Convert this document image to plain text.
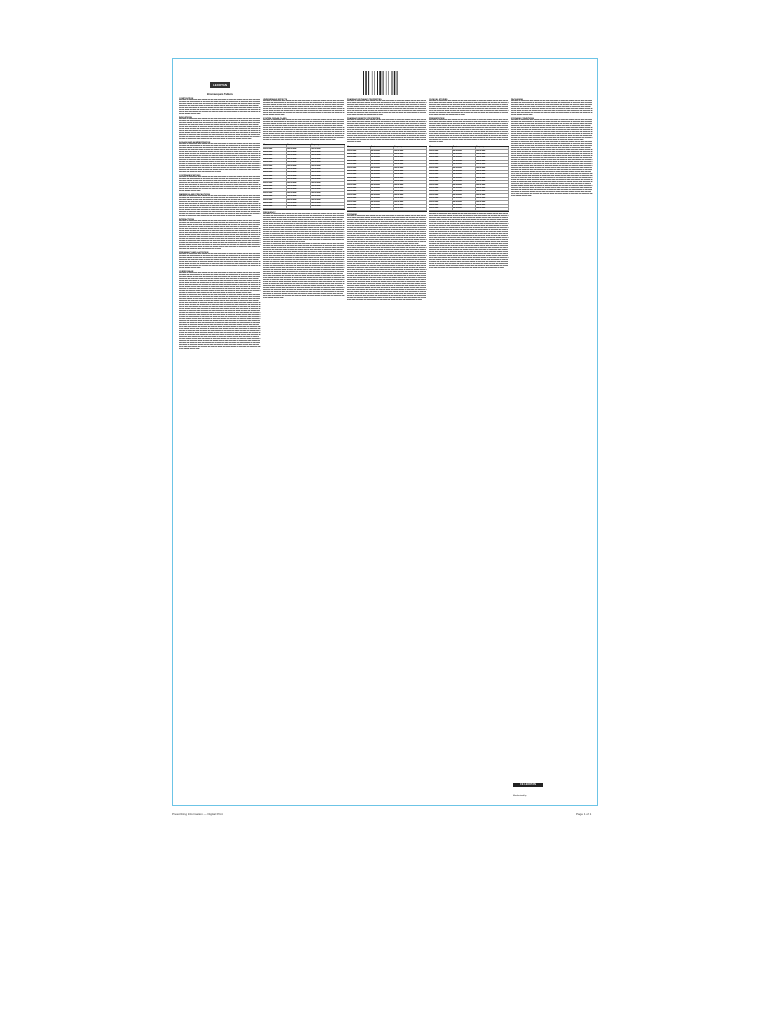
LEXOTAN
Bromazepam Tablets
COMPOSITION

■■■ ■■■■ ■■ ■■■■■ ■■■ ■■■■ ■■■■■■ ■■ ■■■ ■■■■ ■■■ ■■■■■ ■■ ■■■■ ■■■ ■■■■■■ ■■■ ■■ ■■■■ ■■■ ■■■■ ■■ ■■■■■ ■■■ ■■■■ ■■■■■■ ■■ ■■■ ■■■■ ■■■ ■■■■■ ■■ ■■■■ ■■■ ■■■■■■ ■■■ ■■ ■■■■ ■■■ ■■■■ ■■ ■■■■■ ■■■ ■■■■ ■■■■■■ ■■ ■■■ ■■■■ ■■■ ■■■■■ ■■ ■■■■ ■■■ ■■■■■■ ■■■ ■■ ■■■■ ■■■ ■■■■ ■■ ■■■■■ ■■■ ■■■■ ■■■■■■ ■■ ■■■ ■■■■ ■■■ ■■■■■ ■■ ■■■■ ■■■ ■■■■■■ ■■■ ■■ ■■■■ ■■■ ■■■■ ■■ ■■■■■ ■■■ ■■■■ ■■■■■■ ■■ ■■■ ■■■■ ■■■ ■■■■■ ■■ ■■■■ ■■■ ■■■■■■ ■■■ ■■ ■■■■ ■■■ ■■■■ ■■ ■■■■■ ■■■ ■■■■ ■■■■■■ ■■ ■■■ ■■■■ ■■■ ■■■■■ ■■ ■■■■ ■■■ ■■■■■■ ■■■ ■■ ■■■■ ■■■ ■■■■ ■■ ■■■■■ ■■■ ■■■■ ■■■■■■ ■■ ■■■ ■■■■ ■■■ ■■■■■ ■■ ■■■■ ■■■ ■■■■■■ ■■■ ■■ ■■■■ ■■■ ■■■■ ■■ ■■■■■ ■■■ ■■■■ ■■■■■■ ■■ ■■■ ■■■■ ■■■ ■■■■■ ■■ ■■■■ ■■■ ■■■■■■ ■■■ ■■ ■■■■

INDICATIONS

■■■ ■■■■ ■■ ■■■■■ ■■■ ■■■■ ■■■■■■ ■■ ■■■ ■■■■ ■■■ ■■■■■ ■■ ■■■■ ■■■ ■■■■■■ ■■■ ■■ ■■■■ ■■■ ■■■■ ■■ ■■■■■ ■■■ ■■■■ ■■■■■■ ■■ ■■■ ■■■■ ■■■ ■■■■■ ■■ ■■■■ ■■■ ■■■■■■ ■■■ ■■ ■■■■ ■■■ ■■■■ ■■ ■■■■■ ■■■ ■■■■ ■■■■■■ ■■ ■■■ ■■■■ ■■■ ■■■■■ ■■ ■■■■ ■■■ ■■■■■■ ■■■ ■■ ■■■■ ■■■ ■■■■ ■■ ■■■■■ ■■■ ■■■■ ■■■■■■ ■■ ■■■ ■■■■ ■■■ ■■■■■ ■■ ■■■■ ■■■ ■■■■■■ ■■■ ■■ ■■■■ ■■■ ■■■■ ■■ ■■■■■ ■■■ ■■■■ ■■■■■■ ■■ ■■■ ■■■■ ■■■ ■■■■■ ■■ ■■■■ ■■■ ■■■■■■ ■■■ ■■ ■■■■ ■■■ ■■■■ ■■ ■■■■■ ■■■ ■■■■ ■■■■■■ ■■ ■■■ ■■■■ ■■■ ■■■■■ ■■ ■■■■ ■■■ ■■■■■■ ■■■ ■■ ■■■■ ■■■ ■■■■ ■■ ■■■■■ ■■■ ■■■■ ■■■■■■ ■■ ■■■ ■■■■ ■■■ ■■■■■ ■■ ■■■■ ■■■ ■■■■■■ ■■■ ■■ ■■■■ ■■■ ■■■■ ■■ ■■■■■ ■■■ ■■■■ ■■■■■■ ■■ ■■■ ■■■■ ■■■ ■■■■■ ■■ ■■■■ ■■■ ■■■■■■ ■■■ ■■ ■■■■ ■■■ ■■■■ ■■ ■■■■■ ■■■ ■■■■ ■■■■■■ ■■ ■■■ ■■■■ ■■■ ■■■■■ ■■ ■■■■ ■■■ ■■■■■■ ■■■ ■■ ■■■■ ■■■ ■■■■ ■■ ■■■■■ ■■■ ■■■■ ■■■■■■ ■■ ■■■ ■■■■ ■■■ ■■■■■ ■■ ■■■■ ■■■ ■■■■■■ ■■■ ■■ ■■■■ ■■■ ■■■■ ■■ ■■■■■ ■■■ ■■■■ ■■■■■■ ■■ ■■■ ■■■■ ■■■ ■■■■■ ■■ ■■■■ ■■■ ■■■■■■ ■■■ ■■ ■■■■ ■■■ ■■■■ ■■ ■■■■■ ■■■ ■■■■ ■■■■■■ ■■ ■■■ ■■■■ ■■■ ■■■■■ ■■ ■■■■ ■■■ ■■■■■■ ■■■ ■■ ■■■■

DOSAGE AND ADMINISTRATION

■■■ ■■■■ ■■ ■■■■■ ■■■ ■■■■ ■■■■■■ ■■ ■■■ ■■■■ ■■■ ■■■■■ ■■ ■■■■ ■■■ ■■■■■■ ■■■ ■■ ■■■■ ■■■ ■■■■ ■■ ■■■■■ ■■■ ■■■■ ■■■■■■ ■■ ■■■ ■■■■ ■■■ ■■■■■ ■■ ■■■■ ■■■ ■■■■■■ ■■■ ■■ ■■■■ ■■■ ■■■■ ■■ ■■■■■ ■■■ ■■■■ ■■■■■■ ■■ ■■■ ■■■■ ■■■ ■■■■■ ■■ ■■■■ ■■■ ■■■■■■ ■■■ ■■ ■■■■ ■■■ ■■■■ ■■ ■■■■■ ■■■ ■■■■ ■■■■■■ ■■ ■■■ ■■■■ ■■■ ■■■■■ ■■ ■■■■ ■■■ ■■■■■■ ■■■ ■■ ■■■■ ■■■ ■■■■ ■■ ■■■■■ ■■■ ■■■■ ■■■■■■ ■■ ■■■ ■■■■ ■■■ ■■■■■ ■■ ■■■■ ■■■ ■■■■■■ ■■■ ■■ ■■■■ ■■■ ■■■■ ■■ ■■■■■ ■■■ ■■■■ ■■■■■■ ■■ ■■■ ■■■■ ■■■ ■■■■■ ■■ ■■■■ ■■■ ■■■■■■ ■■■ ■■ ■■■■ ■■■ ■■■■ ■■ ■■■■■ ■■■ ■■■■ ■■■■■■ ■■ ■■■ ■■■■ ■■■ ■■■■■ ■■ ■■■■ ■■■ ■■■■■■ ■■■ ■■ ■■■■ ■■■ ■■■■ ■■ ■■■■■ ■■■ ■■■■ ■■■■■■ ■■ ■■■ ■■■■ ■■■ ■■■■■ ■■ ■■■■ ■■■ ■■■■■■ ■■■ ■■ ■■■■ ■■■ ■■■■ ■■ ■■■■■ ■■■ ■■■■ ■■■■■■ ■■ ■■■ ■■■■ ■■■ ■■■■■ ■■ ■■■■ ■■■ ■■■■■■ ■■■ ■■ ■■■■ ■■■ ■■■■ ■■ ■■■■■ ■■■ ■■■■ ■■■■■■ ■■ ■■■ ■■■■ ■■■ ■■■■■ ■■ ■■■■ ■■■ ■■■■■■ ■■■ ■■ ■■■■ ■■■ ■■■■ ■■ ■■■■■ ■■■ ■■■■ ■■■■■■ ■■ ■■■ ■■■■ ■■■ ■■■■■ ■■ ■■■■ ■■■ ■■■■■■ ■■■ ■■ ■■■■ ■■■ ■■■■ ■■ ■■■■■ ■■■ ■■■■ ■■■■■■ ■■ ■■■ ■■■■ ■■■ ■■■■■ ■■ ■■■■ ■■■ ■■■■■■ ■■■ ■■ ■■■■ ■■■ ■■■■ ■■ ■■■■■ ■■■ ■■■■ ■■■■■■ ■■ ■■■ ■■■■ ■■■ ■■■■■ ■■ ■■■■ ■■■ ■■■■■■ ■■■ ■■ ■■■■ ■■■ ■■■■ ■■ ■■■■■ ■■■ ■■■■ ■■■■■■ ■■ ■■■ ■■■■ ■■■ ■■■■■ ■■ ■■■■ ■■■ ■■■■■■ ■■■ ■■ ■■■■ ■■■ ■■■■ ■■ ■■■■■ ■■■ ■■■■ ■■■■■■ ■■ ■■■ ■■■■ ■■■ ■■■■■ ■■ ■■■■ ■■■ ■■■■■■ ■■■ ■■ ■■■■ ■■■ ■■■■ ■■ ■■■■■ ■■■ ■■■■ ■■■■■■ ■■ ■■■ ■■■■ ■■■ ■■■■■ ■■ ■■■■ ■■■ ■■■■■■ ■■■ ■■ ■■■■

CONTRAINDICATIONS

■■■ ■■■■ ■■ ■■■■■ ■■■ ■■■■ ■■■■■■ ■■ ■■■ ■■■■ ■■■ ■■■■■ ■■ ■■■■ ■■■ ■■■■■■ ■■■ ■■ ■■■■ ■■■ ■■■■ ■■ ■■■■■ ■■■ ■■■■ ■■■■■■ ■■ ■■■ ■■■■ ■■■ ■■■■■ ■■ ■■■■ ■■■ ■■■■■■ ■■■ ■■ ■■■■ ■■■ ■■■■ ■■ ■■■■■ ■■■ ■■■■ ■■■■■■ ■■ ■■■ ■■■■ ■■■ ■■■■■ ■■ ■■■■ ■■■ ■■■■■■ ■■■ ■■ ■■■■ ■■■ ■■■■ ■■ ■■■■■ ■■■ ■■■■ ■■■■■■ ■■ ■■■ ■■■■ ■■■ ■■■■■ ■■ ■■■■ ■■■ ■■■■■■ ■■■ ■■ ■■■■ ■■■ ■■■■ ■■ ■■■■■ ■■■ ■■■■ ■■■■■■ ■■ ■■■ ■■■■ ■■■ ■■■■■ ■■ ■■■■ ■■■ ■■■■■■ ■■■ ■■ ■■■■ ■■■ ■■■■ ■■ ■■■■■ ■■■ ■■■■ ■■■■■■ ■■ ■■■ ■■■■ ■■■ ■■■■■ ■■ ■■■■ ■■■ ■■■■■■ ■■■ ■■ ■■■■ ■■■ ■■■■ ■■ ■■■■■ ■■■ ■■■■ ■■■■■■ ■■ ■■■ ■■■■ ■■■ ■■■■■ ■■ ■■■■ ■■■ ■■■■■■ ■■■ ■■ ■■■■ ■■■ ■■■■ ■■ ■■■■■ ■■■ ■■■■ ■■■■■■ ■■ ■■■ ■■■■ ■■■ ■■■■■ ■■ ■■■■ ■■■ ■■■■■■ ■■■ ■■ ■■■■

WARNINGS AND PRECAUTIONS

■■■ ■■■■ ■■ ■■■■■ ■■■ ■■■■ ■■■■■■ ■■ ■■■ ■■■■ ■■■ ■■■■■ ■■ ■■■■ ■■■ ■■■■■■ ■■■ ■■ ■■■■ ■■■ ■■■■ ■■ ■■■■■ ■■■ ■■■■ ■■■■■■ ■■ ■■■ ■■■■ ■■■ ■■■■■ ■■ ■■■■ ■■■ ■■■■■■ ■■■ ■■ ■■■■ ■■■ ■■■■ ■■ ■■■■■ ■■■ ■■■■ ■■■■■■ ■■ ■■■ ■■■■ ■■■ ■■■■■ ■■ ■■■■ ■■■ ■■■■■■ ■■■ ■■ ■■■■ ■■■ ■■■■ ■■ ■■■■■ ■■■ ■■■■ ■■■■■■ ■■ ■■■ ■■■■ ■■■ ■■■■■ ■■ ■■■■ ■■■ ■■■■■■ ■■■ ■■ ■■■■ ■■■ ■■■■ ■■ ■■■■■ ■■■ ■■■■ ■■■■■■ ■■ ■■■ ■■■■ ■■■ ■■■■■ ■■ ■■■■ ■■■ ■■■■■■ ■■■ ■■ ■■■■ ■■■ ■■■■ ■■ ■■■■■ ■■■ ■■■■ ■■■■■■ ■■ ■■■ ■■■■ ■■■ ■■■■■ ■■ ■■■■ ■■■ ■■■■■■ ■■■ ■■ ■■■■ ■■■ ■■■■ ■■ ■■■■■ ■■■ ■■■■ ■■■■■■ ■■ ■■■ ■■■■ ■■■ ■■■■■ ■■ ■■■■ ■■■ ■■■■■■ ■■■ ■■ ■■■■ ■■■ ■■■■ ■■ ■■■■■ ■■■ ■■■■ ■■■■■■ ■■ ■■■ ■■■■ ■■■ ■■■■■ ■■ ■■■■ ■■■ ■■■■■■ ■■■ ■■ ■■■■ ■■■ ■■■■ ■■ ■■■■■ ■■■ ■■■■ ■■■■■■ ■■ ■■■ ■■■■ ■■■ ■■■■■ ■■ ■■■■ ■■■ ■■■■■■ ■■■ ■■ ■■■■ ■■■ ■■■■ ■■ ■■■■■ ■■■ ■■■■ ■■■■■■ ■■ ■■■ ■■■■ ■■■ ■■■■■ ■■ ■■■■ ■■■ ■■■■■■ ■■■ ■■ ■■■■ ■■■ ■■■■ ■■ ■■■■■ ■■■ ■■■■ ■■■■■■ ■■ ■■■ ■■■■ ■■■ ■■■■■ ■■ ■■■■ ■■■ ■■■■■■ ■■■ ■■ ■■■■ ■■■ ■■■■ ■■ ■■■■■ ■■■ ■■■■ ■■■■■■ ■■ ■■■ ■■■■ ■■■ ■■■■■ ■■ ■■■■ ■■■ ■■■■■■ ■■■ ■■ ■■■■

INTERACTIONS

■■■ ■■■■ ■■ ■■■■■ ■■■ ■■■■ ■■■■■■ ■■ ■■■ ■■■■ ■■■ ■■■■■ ■■ ■■■■ ■■■ ■■■■■■ ■■■ ■■ ■■■■ ■■■ ■■■■ ■■ ■■■■■ ■■■ ■■■■ ■■■■■■ ■■ ■■■ ■■■■ ■■■ ■■■■■ ■■ ■■■■ ■■■ ■■■■■■ ■■■ ■■ ■■■■ ■■■ ■■■■ ■■ ■■■■■ ■■■ ■■■■ ■■■■■■ ■■ ■■■ ■■■■ ■■■ ■■■■■ ■■ ■■■■ ■■■ ■■■■■■ ■■■ ■■ ■■■■ ■■■ ■■■■ ■■ ■■■■■ ■■■ ■■■■ ■■■■■■ ■■ ■■■ ■■■■ ■■■ ■■■■■ ■■ ■■■■ ■■■ ■■■■■■ ■■■ ■■ ■■■■ ■■■ ■■■■ ■■ ■■■■■ ■■■ ■■■■ ■■■■■■ ■■ ■■■ ■■■■ ■■■ ■■■■■ ■■ ■■■■ ■■■ ■■■■■■ ■■■ ■■ ■■■■ ■■■ ■■■■ ■■ ■■■■■ ■■■ ■■■■ ■■■■■■ ■■ ■■■ ■■■■ ■■■ ■■■■■ ■■ ■■■■ ■■■ ■■■■■■ ■■■ ■■ ■■■■ ■■■ ■■■■ ■■ ■■■■■ ■■■ ■■■■ ■■■■■■ ■■ ■■■ ■■■■ ■■■ ■■■■■ ■■ ■■■■ ■■■ ■■■■■■ ■■■ ■■ ■■■■ ■■■ ■■■■ ■■ ■■■■■ ■■■ ■■■■ ■■■■■■ ■■ ■■■ ■■■■ ■■■ ■■■■■ ■■ ■■■■ ■■■ ■■■■■■ ■■■ ■■ ■■■■ ■■■ ■■■■ ■■ ■■■■■ ■■■ ■■■■ ■■■■■■ ■■ ■■■ ■■■■ ■■■ ■■■■■ ■■ ■■■■ ■■■ ■■■■■■ ■■■ ■■ ■■■■ ■■■ ■■■■ ■■ ■■■■■ ■■■ ■■■■ ■■■■■■ ■■ ■■■ ■■■■ ■■■ ■■■■■ ■■ ■■■■ ■■■ ■■■■■■ ■■■ ■■ ■■■■ ■■■ ■■■■ ■■ ■■■■■ ■■■ ■■■■ ■■■■■■ ■■ ■■■ ■■■■ ■■■ ■■■■■ ■■ ■■■■ ■■■ ■■■■■■ ■■■ ■■ ■■■■ ■■■ ■■■■ ■■ ■■■■■ ■■■ ■■■■ ■■■■■■ ■■ ■■■ ■■■■ ■■■ ■■■■■ ■■ ■■■■ ■■■ ■■■■■■ ■■■ ■■ ■■■■ ■■■ ■■■■ ■■ ■■■■■ ■■■ ■■■■ ■■■■■■ ■■ ■■■ ■■■■ ■■■ ■■■■■ ■■ ■■■■ ■■■ ■■■■■■ ■■■ ■■ ■■■■ ■■■ ■■■■ ■■ ■■■■■ ■■■ ■■■■ ■■■■■■ ■■ ■■■ ■■■■ ■■■ ■■■■■ ■■ ■■■■ ■■■ ■■■■■■ ■■■ ■■ ■■■■ ■■■ ■■■■ ■■ ■■■■■ ■■■ ■■■■ ■■■■■■ ■■ ■■■ ■■■■ ■■■ ■■■■■ ■■ ■■■■ ■■■ ■■■■■■ ■■■ ■■ ■■■■ ■■■ ■■■■ ■■ ■■■■■ ■■■ ■■■■ ■■■■■■ ■■ ■■■ ■■■■ ■■■ ■■■■■ ■■ ■■■■ ■■■ ■■■■■■ ■■■ ■■ ■■■■

PREGNANCY AND LACTATION

■■■ ■■■■ ■■ ■■■■■ ■■■ ■■■■ ■■■■■■ ■■ ■■■ ■■■■ ■■■ ■■■■■ ■■ ■■■■ ■■■ ■■■■■■ ■■■ ■■ ■■■■ ■■■ ■■■■ ■■ ■■■■■ ■■■ ■■■■ ■■■■■■ ■■ ■■■ ■■■■ ■■■ ■■■■■ ■■ ■■■■ ■■■ ■■■■■■ ■■■ ■■ ■■■■ ■■■ ■■■■ ■■ ■■■■■ ■■■ ■■■■ ■■■■■■ ■■ ■■■ ■■■■ ■■■ ■■■■■ ■■ ■■■■ ■■■ ■■■■■■ ■■■ ■■ ■■■■ ■■■ ■■■■ ■■ ■■■■■ ■■■ ■■■■ ■■■■■■ ■■ ■■■ ■■■■ ■■■ ■■■■■ ■■ ■■■■ ■■■ ■■■■■■ ■■■ ■■ ■■■■ ■■■ ■■■■ ■■ ■■■■■ ■■■ ■■■■ ■■■■■■ ■■ ■■■ ■■■■ ■■■ ■■■■■ ■■ ■■■■ ■■■ ■■■■■■ ■■■ ■■ ■■■■ ■■■ ■■■■ ■■ ■■■■■ ■■■ ■■■■ ■■■■■■ ■■ ■■■ ■■■■ ■■■ ■■■■■ ■■ ■■■■ ■■■ ■■■■■■ ■■■ ■■ ■■■■ ■■■ ■■■■ ■■ ■■■■■ ■■■ ■■■■ ■■■■■■ ■■ ■■■ ■■■■ ■■■ ■■■■■ ■■ ■■■■ ■■■ ■■■■■■ ■■■ ■■ ■■■■ ■■■ ■■■■ ■■ ■■■■■ ■■■ ■■■■ ■■■■■■ ■■ ■■■ ■■■■ ■■■ ■■■■■ ■■ ■■■■ ■■■ ■■■■■■ ■■■ ■■ ■■■■

OVERDOSAGE

■■■ ■■■■ ■■ ■■■■■ ■■■ ■■■■ ■■■■■■ ■■ ■■■ ■■■■ ■■■ ■■■■■ ■■ ■■■■ ■■■ ■■■■■■ ■■■ ■■ ■■■■ ■■■ ■■■■ ■■ ■■■■■ ■■■ ■■■■ ■■■■■■ ■■ ■■■ ■■■■ ■■■ ■■■■■ ■■ ■■■■ ■■■ ■■■■■■ ■■■ ■■ ■■■■ ■■■ ■■■■ ■■ ■■■■■ ■■■ ■■■■ ■■■■■■ ■■ ■■■ ■■■■ ■■■ ■■■■■ ■■ ■■■■ ■■■ ■■■■■■ ■■■ ■■ ■■■■ ■■■ ■■■■ ■■ ■■■■■ ■■■ ■■■■ ■■■■■■ ■■ ■■■ ■■■■ ■■■ ■■■■■ ■■ ■■■■ ■■■ ■■■■■■ ■■■ ■■ ■■■■ ■■■ ■■■■ ■■ ■■■■■ ■■■ ■■■■ ■■■■■■ ■■ ■■■ ■■■■ ■■■ ■■■■■ ■■ ■■■■ ■■■ ■■■■■■ ■■■ ■■ ■■■■ ■■■ ■■■■ ■■ ■■■■■ ■■■ ■■■■ ■■■■■■ ■■ ■■■ ■■■■ ■■■ ■■■■■ ■■ ■■■■ ■■■ ■■■■■■ ■■■ ■■ ■■■■ ■■■ ■■■■ ■■ ■■■■■ ■■■ ■■■■ ■■■■■■ ■■ ■■■ ■■■■ ■■■ ■■■■■ ■■ ■■■■ ■■■ ■■■■■■ ■■■ ■■ ■■■■ ■■■ ■■■■ ■■ ■■■■■ ■■■ ■■■■ ■■■■■■ ■■ ■■■ ■■■■ ■■■ ■■■■■ ■■ ■■■■ ■■■ ■■■■■■ ■■■ ■■ ■■■■ ■■■ ■■■■ ■■ ■■■■■ ■■■ ■■■■ ■■■■■■ ■■ ■■■ ■■■■ ■■■ ■■■■■ ■■ ■■■■ ■■■ ■■■■■■ ■■■ ■■ ■■■■ ■■■ ■■■■ ■■ ■■■■■ ■■■ ■■■■ ■■■■■■ ■■ ■■■ ■■■■ ■■■ ■■■■■ ■■ ■■■■ ■■■ ■■■■■■ ■■■ ■■ ■■■■ ■■■ ■■■■ ■■ ■■■■■ ■■■ ■■■■ ■■■■■■ ■■ ■■■ ■■■■ ■■■ ■■■■■ ■■ ■■■■ ■■■ ■■■■■■ ■■■ ■■ ■■■■ ■■■ ■■■■ ■■ ■■■■■ ■■■ ■■■■ ■■■■■■ ■■ ■■■ ■■■■ ■■■ ■■■■■ ■■ ■■■■ ■■■ ■■■■■■ ■■■ ■■ ■■■■

■■■ ■■■■ ■■ ■■■■■ ■■■ ■■■■ ■■■■■■ ■■ ■■■ ■■■■ ■■■ ■■■■■ ■■ ■■■■ ■■■ ■■■■■■ ■■■ ■■ ■■■■ ■■■ ■■■■ ■■ ■■■■■ ■■■ ■■■■ ■■■■■■ ■■ ■■■ ■■■■ ■■■ ■■■■■ ■■ ■■■■ ■■■ ■■■■■■ ■■■ ■■ ■■■■ ■■■ ■■■■ ■■ ■■■■■ ■■■ ■■■■ ■■■■■■ ■■ ■■■ ■■■■ ■■■ ■■■■■ ■■ ■■■■ ■■■ ■■■■■■ ■■■ ■■ ■■■■ ■■■ ■■■■ ■■ ■■■■■ ■■■ ■■■■ ■■■■■■ ■■ ■■■ ■■■■ ■■■ ■■■■■ ■■ ■■■■ ■■■ ■■■■■■ ■■■ ■■ ■■■■ ■■■ ■■■■ ■■ ■■■■■ ■■■ ■■■■ ■■■■■■ ■■ ■■■ ■■■■ ■■■ ■■■■■ ■■ ■■■■ ■■■ ■■■■■■ ■■■ ■■ ■■■■ ■■■ ■■■■ ■■ ■■■■■ ■■■ ■■■■ ■■■■■■ ■■ ■■■ ■■■■ ■■■ ■■■■■ ■■ ■■■■ ■■■ ■■■■■■ ■■■ ■■ ■■■■ ■■■ ■■■■ ■■ ■■■■■ ■■■ ■■■■ ■■■■■■ ■■ ■■■ ■■■■ ■■■ ■■■■■ ■■ ■■■■ ■■■ ■■■■■■ ■■■ ■■ ■■■■ ■■■ ■■■■ ■■ ■■■■■ ■■■ ■■■■ ■■■■■■ ■■ ■■■ ■■■■ ■■■ ■■■■■ ■■ ■■■■ ■■■ ■■■■■■ ■■■ ■■ ■■■■ ■■■ ■■■■ ■■ ■■■■■ ■■■ ■■■■ ■■■■■■ ■■ ■■■ ■■■■ ■■■ ■■■■■ ■■ ■■■■ ■■■ ■■■■■■ ■■■ ■■ ■■■■ ■■■ ■■■■ ■■ ■■■■■ ■■■ ■■■■ ■■■■■■ ■■ ■■■ ■■■■ ■■■ ■■■■■ ■■ ■■■■ ■■■ ■■■■■■ ■■■ ■■ ■■■■ ■■■ ■■■■ ■■ ■■■■■ ■■■ ■■■■ ■■■■■■ ■■ ■■■ ■■■■ ■■■ ■■■■■ ■■ ■■■■ ■■■ ■■■■■■ ■■■ ■■ ■■■■ ■■■ ■■■■ ■■ ■■■■■ ■■■ ■■■■ ■■■■■■ ■■ ■■■ ■■■■ ■■■ ■■■■■ ■■ ■■■■ ■■■ ■■■■■■ ■■■ ■■ ■■■■ ■■■ ■■■■ ■■ ■■■■■ ■■■ ■■■■ ■■■■■■ ■■ ■■■ ■■■■ ■■■ ■■■■■ ■■ ■■■■ ■■■ ■■■■■■ ■■■ ■■ ■■■■ ■■■ ■■■■ ■■ ■■■■■ ■■■ ■■■■ ■■■■■■ ■■ ■■■ ■■■■ ■■■ ■■■■■ ■■ ■■■■ ■■■ ■■■■■■ ■■■ ■■ ■■■■ ■■■ ■■■■ ■■ ■■■■■ ■■■ ■■■■ ■■■■■■ ■■ ■■■ ■■■■ ■■■ ■■■■■ ■■ ■■■■ ■■■ ■■■■■■ ■■■ ■■ ■■■■ ■■■ ■■■■ ■■ ■■■■■ ■■■ ■■■■ ■■■■■■ ■■ ■■■ ■■■■ ■■■ ■■■■■ ■■ ■■■■ ■■■ ■■■■■■ ■■■ ■■ ■■■■ ■■■ ■■■■ ■■ ■■■■■ ■■■ ■■■■ ■■■■■■ ■■ ■■■ ■■■■ ■■■ ■■■■■ ■■ ■■■■ ■■■ ■■■■■■ ■■■ ■■ ■■■■ ■■■ ■■■■ ■■ ■■■■■ ■■■ ■■■■ ■■■■■■ ■■ ■■■ ■■■■ ■■■ ■■■■■ ■■ ■■■■ ■■■ ■■■■■■ ■■■ ■■ ■■■■ ■■■ ■■■■ ■■ ■■■■■ ■■■ ■■■■ ■■■■■■ ■■ ■■■ ■■■■ ■■■ ■■■■■ ■■ ■■■■ ■■■ ■■■■■■ ■■■ ■■ ■■■■ ■■■ ■■■■ ■■ ■■■■■ ■■■ ■■■■ ■■■■■■ ■■ ■■■ ■■■■ ■■■ ■■■■■ ■■ ■■■■ ■■■ ■■■■■■ ■■■ ■■ ■■■■ ■■■ ■■■■ ■■ ■■■■■ ■■■ ■■■■ ■■■■■■ ■■ ■■■ ■■■■ ■■■ ■■■■■ ■■ ■■■■ ■■■ ■■■■■■ ■■■ ■■ ■■■■ ■■■ ■■■■ ■■ ■■■■■ ■■■ ■■■■ ■■■■■■ ■■ ■■■ ■■■■ ■■■ ■■■■■ ■■ ■■■■ ■■■ ■■■■■■ ■■■ ■■ ■■■■ ■■■ ■■■■ ■■ ■■■■■ ■■■ ■■■■ ■■■■■■ ■■ ■■■ ■■■■ ■■■ ■■■■■ ■■ ■■■■ ■■■ ■■■■■■ ■■■ ■■ ■■■■ ■■■ ■■■■ ■■ ■■■■■ ■■■ ■■■■ ■■■■■■ ■■ ■■■ ■■■■ ■■■ ■■■■■ ■■ ■■■■ ■■■ ■■■■■■ ■■■ ■■ ■■■■ ■■■ ■■■■ ■■ ■■■■■ ■■■ ■■■■ ■■■■■■ ■■ ■■■ ■■■■ ■■■ ■■■■■ ■■ ■■■■ ■■■ ■■■■■■ ■■■ ■■ ■■■■ ■■■ ■■■■ ■■ ■■■■■ ■■■ ■■■■ ■■■■■■ ■■ ■■■ ■■■■ ■■■ ■■■■■ ■■ ■■■■ ■■■ ■■■■■■ ■■■ ■■ ■■■■ ■■■ ■■■■ ■■ ■■■■■ ■■■ ■■■■ ■■■■■■ ■■ ■■■ ■■■■ ■■■ ■■■■■ ■■ ■■■■ ■■■ ■■■■■■ ■■■ ■■ ■■■■ ■■■ ■■■■ ■■ ■■■■■ ■■■ ■■■■ ■■■■■■ ■■ ■■■ ■■■■ ■■■ ■■■■■ ■■ ■■■■ ■■■ ■■■■■■ ■■■ ■■ ■■■■ ■■■ ■■■■ ■■ ■■■■■ ■■■ ■■■■ ■■■■■■ ■■ ■■■ ■■■■ ■■■ ■■■■■ ■■ ■■■■ ■■■ ■■■■■■ ■■■ ■■ ■■■■ ■■■ ■■■■ ■■ ■■■■■ ■■■ ■■■■ ■■■■■■ ■■ ■■■ ■■■■ ■■■ ■■■■■ ■■ ■■■■ ■■■ ■■■■■■ ■■■ ■■ ■■■■

UNDESIRABLE EFFECTS

■■■ ■■■■ ■■ ■■■■■ ■■■ ■■■■ ■■■■■■ ■■ ■■■ ■■■■ ■■■ ■■■■■ ■■ ■■■■ ■■■ ■■■■■■ ■■■ ■■ ■■■■ ■■■ ■■■■ ■■ ■■■■■ ■■■ ■■■■ ■■■■■■ ■■ ■■■ ■■■■ ■■■ ■■■■■ ■■ ■■■■ ■■■ ■■■■■■ ■■■ ■■ ■■■■ ■■■ ■■■■ ■■ ■■■■■ ■■■ ■■■■ ■■■■■■ ■■ ■■■ ■■■■ ■■■ ■■■■■ ■■ ■■■■ ■■■ ■■■■■■ ■■■ ■■ ■■■■ ■■■ ■■■■ ■■ ■■■■■ ■■■ ■■■■ ■■■■■■ ■■ ■■■ ■■■■ ■■■ ■■■■■ ■■ ■■■■ ■■■ ■■■■■■ ■■■ ■■ ■■■■ ■■■ ■■■■ ■■ ■■■■■ ■■■ ■■■■ ■■■■■■ ■■ ■■■ ■■■■ ■■■ ■■■■■ ■■ ■■■■ ■■■ ■■■■■■ ■■■ ■■ ■■■■ ■■■ ■■■■ ■■ ■■■■■ ■■■ ■■■■ ■■■■■■ ■■ ■■■ ■■■■ ■■■ ■■■■■ ■■ ■■■■ ■■■ ■■■■■■ ■■■ ■■ ■■■■ ■■■ ■■■■ ■■ ■■■■■ ■■■ ■■■■ ■■■■■■ ■■ ■■■ ■■■■ ■■■ ■■■■■ ■■ ■■■■ ■■■ ■■■■■■ ■■■ ■■ ■■■■ ■■■ ■■■■ ■■ ■■■■■ ■■■ ■■■■ ■■■■■■ ■■ ■■■ ■■■■ ■■■ ■■■■■ ■■ ■■■■ ■■■ ■■■■■■ ■■■ ■■ ■■■■

SYSTEM ORGAN CLASS

■■■ ■■■■ ■■ ■■■■■ ■■■ ■■■■ ■■■■■■ ■■ ■■■ ■■■■ ■■■ ■■■■■ ■■ ■■■■ ■■■ ■■■■■■ ■■■ ■■ ■■■■ ■■■ ■■■■ ■■ ■■■■■ ■■■ ■■■■ ■■■■■■ ■■ ■■■ ■■■■ ■■■ ■■■■■ ■■ ■■■■ ■■■ ■■■■■■ ■■■ ■■ ■■■■ ■■■ ■■■■ ■■ ■■■■■ ■■■ ■■■■ ■■■■■■ ■■ ■■■ ■■■■ ■■■ ■■■■■ ■■ ■■■■ ■■■ ■■■■■■ ■■■ ■■ ■■■■ ■■■ ■■■■ ■■ ■■■■■ ■■■ ■■■■ ■■■■■■ ■■ ■■■ ■■■■ ■■■ ■■■■■ ■■ ■■■■ ■■■ ■■■■■■ ■■■ ■■ ■■■■ ■■■ ■■■■ ■■ ■■■■■ ■■■ ■■■■ ■■■■■■ ■■ ■■■ ■■■■ ■■■ ■■■■■ ■■ ■■■■ ■■■ ■■■■■■ ■■■ ■■ ■■■■ ■■■ ■■■■ ■■ ■■■■■ ■■■ ■■■■ ■■■■■■ ■■ ■■■ ■■■■ ■■■ ■■■■■ ■■ ■■■■ ■■■ ■■■■■■ ■■■ ■■ ■■■■ ■■■ ■■■■ ■■ ■■■■■ ■■■ ■■■■ ■■■■■■ ■■ ■■■ ■■■■ ■■■ ■■■■■ ■■ ■■■■ ■■■ ■■■■■■ ■■■ ■■ ■■■■ ■■■ ■■■■ ■■ ■■■■■ ■■■ ■■■■ ■■■■■■ ■■ ■■■ ■■■■ ■■■ ■■■■■ ■■ ■■■■ ■■■ ■■■■■■ ■■■ ■■ ■■■■ ■■■ ■■■■ ■■ ■■■■■ ■■■ ■■■■ ■■■■■■ ■■ ■■■ ■■■■ ■■■ ■■■■■ ■■ ■■■■ ■■■ ■■■■■■ ■■■ ■■ ■■■■ ■■■ ■■■■ ■■ ■■■■■ ■■■ ■■■■ ■■■■■■ ■■ ■■■ ■■■■ ■■■ ■■■■■ ■■ ■■■■ ■■■ ■■■■■■ ■■■ ■■ ■■■■ ■■■ ■■■■ ■■ ■■■■■ ■■■ ■■■■ ■■■■■■ ■■ ■■■ ■■■■ ■■■ ■■■■■ ■■ ■■■■ ■■■ ■■■■■■ ■■■ ■■ ■■■■ ■■■ ■■■■ ■■ ■■■■■ ■■■ ■■■■ ■■■■■■ ■■ ■■■ ■■■■ ■■■ ■■■■■ ■■ ■■■■ ■■■ ■■■■■■ ■■■ ■■ ■■■■

Class	Event	Frequency
■■■ ■■ ■■■■	■■■ ■■ ■■■■	■■■ ■■ ■■■■
■■■ ■■ ■■■■	■■■ ■■ ■■■■	■■■ ■■ ■■■■
■■■ ■■ ■■■■	■■■ ■■ ■■■■	■■■ ■■ ■■■■
■■■ ■■ ■■■■	■■■ ■■ ■■■■	■■■ ■■ ■■■■
■■■ ■■ ■■■■	■■■ ■■ ■■■■	■■■ ■■ ■■■■
■■■ ■■ ■■■■	■■■ ■■ ■■■■	■■■ ■■ ■■■■
■■■ ■■ ■■■■	■■■ ■■ ■■■■	■■■ ■■ ■■■■
■■■ ■■ ■■■■	■■■ ■■ ■■■■	■■■ ■■ ■■■■
■■■ ■■ ■■■■	■■■ ■■ ■■■■	■■■ ■■ ■■■■
■■■ ■■ ■■■■	■■■ ■■ ■■■■	■■■ ■■ ■■■■
■■■ ■■ ■■■■	■■■ ■■ ■■■■	■■■ ■■ ■■■■
■■■ ■■ ■■■■	■■■ ■■ ■■■■	■■■ ■■ ■■■■
■■■ ■■ ■■■■	■■■ ■■ ■■■■	■■■ ■■ ■■■■
■■■ ■■ ■■■■	■■■ ■■ ■■■■	■■■ ■■ ■■■■
■■■ ■■ ■■■■	■■■ ■■ ■■■■	■■■ ■■ ■■■■
■■■ ■■ ■■■■	■■■ ■■ ■■■■	■■■ ■■ ■■■■
■■■ ■■ ■■■■	■■■ ■■ ■■■■	■■■ ■■ ■■■■
■■■ ■■ ■■■■	■■■ ■■ ■■■■	■■■ ■■ ■■■■
FREQUENCY

■■■ ■■■■ ■■ ■■■■■ ■■■ ■■■■ ■■■■■■ ■■ ■■■ ■■■■ ■■■ ■■■■■ ■■ ■■■■ ■■■ ■■■■■■ ■■■ ■■ ■■■■ ■■■ ■■■■ ■■ ■■■■■ ■■■ ■■■■ ■■■■■■ ■■ ■■■ ■■■■ ■■■ ■■■■■ ■■ ■■■■ ■■■ ■■■■■■ ■■■ ■■ ■■■■ ■■■ ■■■■ ■■ ■■■■■ ■■■ ■■■■ ■■■■■■ ■■ ■■■ ■■■■ ■■■ ■■■■■ ■■ ■■■■ ■■■ ■■■■■■ ■■■ ■■ ■■■■ ■■■ ■■■■ ■■ ■■■■■ ■■■ ■■■■ ■■■■■■ ■■ ■■■ ■■■■ ■■■ ■■■■■ ■■ ■■■■ ■■■ ■■■■■■ ■■■ ■■ ■■■■ ■■■ ■■■■ ■■ ■■■■■ ■■■ ■■■■ ■■■■■■ ■■ ■■■ ■■■■ ■■■ ■■■■■ ■■ ■■■■ ■■■ ■■■■■■ ■■■ ■■ ■■■■ ■■■ ■■■■ ■■ ■■■■■ ■■■ ■■■■ ■■■■■■ ■■ ■■■ ■■■■ ■■■ ■■■■■ ■■ ■■■■ ■■■ ■■■■■■ ■■■ ■■ ■■■■ ■■■ ■■■■ ■■ ■■■■■ ■■■ ■■■■ ■■■■■■ ■■ ■■■ ■■■■ ■■■ ■■■■■ ■■ ■■■■ ■■■ ■■■■■■ ■■■ ■■ ■■■■ ■■■ ■■■■ ■■ ■■■■■ ■■■ ■■■■ ■■■■■■ ■■ ■■■ ■■■■ ■■■ ■■■■■ ■■ ■■■■ ■■■ ■■■■■■ ■■■ ■■ ■■■■ ■■■ ■■■■ ■■ ■■■■■ ■■■ ■■■■ ■■■■■■ ■■ ■■■ ■■■■ ■■■ ■■■■■ ■■ ■■■■ ■■■ ■■■■■■ ■■■ ■■ ■■■■ ■■■ ■■■■ ■■ ■■■■■ ■■■ ■■■■ ■■■■■■ ■■ ■■■ ■■■■ ■■■ ■■■■■ ■■ ■■■■ ■■■ ■■■■■■ ■■■ ■■ ■■■■ ■■■ ■■■■ ■■ ■■■■■ ■■■ ■■■■ ■■■■■■ ■■ ■■■ ■■■■ ■■■ ■■■■■ ■■ ■■■■ ■■■ ■■■■■■ ■■■ ■■ ■■■■ ■■■ ■■■■ ■■ ■■■■■ ■■■ ■■■■ ■■■■■■ ■■ ■■■ ■■■■ ■■■ ■■■■■ ■■ ■■■■ ■■■ ■■■■■■ ■■■ ■■ ■■■■ ■■■ ■■■■ ■■ ■■■■■ ■■■ ■■■■ ■■■■■■ ■■ ■■■ ■■■■ ■■■ ■■■■■ ■■ ■■■■ ■■■ ■■■■■■ ■■■ ■■ ■■■■ ■■■ ■■■■ ■■ ■■■■■ ■■■ ■■■■ ■■■■■■ ■■ ■■■ ■■■■ ■■■ ■■■■■ ■■ ■■■■ ■■■ ■■■■■■ ■■■ ■■ ■■■■ ■■■ ■■■■ ■■ ■■■■■ ■■■ ■■■■ ■■■■■■ ■■ ■■■ ■■■■ ■■■ ■■■■■ ■■ ■■■■ ■■■ ■■■■■■ ■■■ ■■ ■■■■ ■■■ ■■■■ ■■ ■■■■■ ■■■ ■■■■ ■■■■■■ ■■ ■■■ ■■■■ ■■■ ■■■■■ ■■ ■■■■ ■■■ ■■■■■■ ■■■ ■■ ■■■■

■■■ ■■■■ ■■ ■■■■■ ■■■ ■■■■ ■■■■■■ ■■ ■■■ ■■■■ ■■■ ■■■■■ ■■ ■■■■ ■■■ ■■■■■■ ■■■ ■■ ■■■■ ■■■ ■■■■ ■■ ■■■■■ ■■■ ■■■■ ■■■■■■ ■■ ■■■ ■■■■ ■■■ ■■■■■ ■■ ■■■■ ■■■ ■■■■■■ ■■■ ■■ ■■■■ ■■■ ■■■■ ■■ ■■■■■ ■■■ ■■■■ ■■■■■■ ■■ ■■■ ■■■■ ■■■ ■■■■■ ■■ ■■■■ ■■■ ■■■■■■ ■■■ ■■ ■■■■ ■■■ ■■■■ ■■ ■■■■■ ■■■ ■■■■ ■■■■■■ ■■ ■■■ ■■■■ ■■■ ■■■■■ ■■ ■■■■ ■■■ ■■■■■■ ■■■ ■■ ■■■■ ■■■ ■■■■ ■■ ■■■■■ ■■■ ■■■■ ■■■■■■ ■■ ■■■ ■■■■ ■■■ ■■■■■ ■■ ■■■■ ■■■ ■■■■■■ ■■■ ■■ ■■■■ ■■■ ■■■■ ■■ ■■■■■ ■■■ ■■■■ ■■■■■■ ■■ ■■■ ■■■■ ■■■ ■■■■■ ■■ ■■■■ ■■■ ■■■■■■ ■■■ ■■ ■■■■ ■■■ ■■■■ ■■ ■■■■■ ■■■ ■■■■ ■■■■■■ ■■ ■■■ ■■■■ ■■■ ■■■■■ ■■ ■■■■ ■■■ ■■■■■■ ■■■ ■■ ■■■■ ■■■ ■■■■ ■■ ■■■■■ ■■■ ■■■■ ■■■■■■ ■■ ■■■ ■■■■ ■■■ ■■■■■ ■■ ■■■■ ■■■ ■■■■■■ ■■■ ■■ ■■■■ ■■■ ■■■■ ■■ ■■■■■ ■■■ ■■■■ ■■■■■■ ■■ ■■■ ■■■■ ■■■ ■■■■■ ■■ ■■■■ ■■■ ■■■■■■ ■■■ ■■ ■■■■ ■■■ ■■■■ ■■ ■■■■■ ■■■ ■■■■ ■■■■■■ ■■ ■■■ ■■■■ ■■■ ■■■■■ ■■ ■■■■ ■■■ ■■■■■■ ■■■ ■■ ■■■■ ■■■ ■■■■ ■■ ■■■■■ ■■■ ■■■■ ■■■■■■ ■■ ■■■ ■■■■ ■■■ ■■■■■ ■■ ■■■■ ■■■ ■■■■■■ ■■■ ■■ ■■■■ ■■■ ■■■■ ■■ ■■■■■ ■■■ ■■■■ ■■■■■■ ■■ ■■■ ■■■■ ■■■ ■■■■■ ■■ ■■■■ ■■■ ■■■■■■ ■■■ ■■ ■■■■ ■■■ ■■■■ ■■ ■■■■■ ■■■ ■■■■ ■■■■■■ ■■ ■■■ ■■■■ ■■■ ■■■■■ ■■ ■■■■ ■■■ ■■■■■■ ■■■ ■■ ■■■■ ■■■ ■■■■ ■■ ■■■■■ ■■■ ■■■■ ■■■■■■ ■■ ■■■ ■■■■ ■■■ ■■■■■ ■■ ■■■■ ■■■ ■■■■■■ ■■■ ■■ ■■■■ ■■■ ■■■■ ■■ ■■■■■ ■■■ ■■■■ ■■■■■■ ■■ ■■■ ■■■■ ■■■ ■■■■■ ■■ ■■■■ ■■■ ■■■■■■ ■■■ ■■ ■■■■ ■■■ ■■■■ ■■ ■■■■■ ■■■ ■■■■ ■■■■■■ ■■ ■■■ ■■■■ ■■■ ■■■■■ ■■ ■■■■ ■■■ ■■■■■■ ■■■ ■■ ■■■■ ■■■ ■■■■ ■■ ■■■■■ ■■■ ■■■■ ■■■■■■ ■■ ■■■ ■■■■ ■■■ ■■■■■ ■■ ■■■■ ■■■ ■■■■■■ ■■■ ■■ ■■■■ ■■■ ■■■■ ■■ ■■■■■ ■■■ ■■■■ ■■■■■■ ■■ ■■■ ■■■■ ■■■ ■■■■■ ■■ ■■■■ ■■■ ■■■■■■ ■■■ ■■ ■■■■ ■■■ ■■■■ ■■ ■■■■■ ■■■ ■■■■ ■■■■■■ ■■ ■■■ ■■■■ ■■■ ■■■■■ ■■ ■■■■ ■■■ ■■■■■■ ■■■ ■■ ■■■■ ■■■ ■■■■ ■■ ■■■■■ ■■■ ■■■■ ■■■■■■ ■■ ■■■ ■■■■ ■■■ ■■■■■ ■■ ■■■■ ■■■ ■■■■■■ ■■■ ■■ ■■■■ ■■■ ■■■■ ■■ ■■■■■ ■■■ ■■■■ ■■■■■■ ■■ ■■■ ■■■■ ■■■ ■■■■■ ■■ ■■■■ ■■■ ■■■■■■ ■■■ ■■ ■■■■ ■■■ ■■■■ ■■ ■■■■■ ■■■ ■■■■ ■■■■■■ ■■ ■■■ ■■■■ ■■■ ■■■■■ ■■ ■■■■ ■■■ ■■■■■■ ■■■ ■■ ■■■■ ■■■ ■■■■ ■■ ■■■■■ ■■■ ■■■■ ■■■■■■ ■■ ■■■ ■■■■ ■■■ ■■■■■ ■■ ■■■■ ■■■ ■■■■■■ ■■■ ■■ ■■■■ ■■■ ■■■■ ■■ ■■■■■ ■■■ ■■■■ ■■■■■■ ■■ ■■■ ■■■■ ■■■ ■■■■■ ■■ ■■■■ ■■■ ■■■■■■ ■■■ ■■ ■■■■ ■■■ ■■■■ ■■ ■■■■■ ■■■ ■■■■ ■■■■■■ ■■ ■■■ ■■■■ ■■■ ■■■■■ ■■ ■■■■ ■■■ ■■■■■■ ■■■ ■■ ■■■■ ■■■ ■■■■ ■■ ■■■■■ ■■■ ■■■■ ■■■■■■ ■■ ■■■ ■■■■ ■■■ ■■■■■ ■■ ■■■■ ■■■ ■■■■■■ ■■■ ■■ ■■■■ ■■■ ■■■■ ■■ ■■■■■ ■■■ ■■■■ ■■■■■■ ■■ ■■■ ■■■■ ■■■ ■■■■■ ■■ ■■■■ ■■■ ■■■■■■ ■■■ ■■ ■■■■ ■■■ ■■■■ ■■ ■■■■■ ■■■ ■■■■ ■■■■■■ ■■ ■■■ ■■■■ ■■■ ■■■■■ ■■ ■■■■ ■■■ ■■■■■■ ■■■ ■■ ■■■■ ■■■ ■■■■ ■■ ■■■■■ ■■■ ■■■■ ■■■■■■ ■■ ■■■ ■■■■ ■■■ ■■■■■ ■■ ■■■■ ■■■ ■■■■■■ ■■■ ■■ ■■■■ ■■■ ■■■■ ■■ ■■■■■ ■■■ ■■■■ ■■■■■■ ■■ ■■■ ■■■■ ■■■ ■■■■■ ■■ ■■■■ ■■■ ■■■■■■ ■■■ ■■ ■■■■

PHARMACODYNAMIC PROPERTIES

■■■ ■■■■ ■■ ■■■■■ ■■■ ■■■■ ■■■■■■ ■■ ■■■ ■■■■ ■■■ ■■■■■ ■■ ■■■■ ■■■ ■■■■■■ ■■■ ■■ ■■■■ ■■■ ■■■■ ■■ ■■■■■ ■■■ ■■■■ ■■■■■■ ■■ ■■■ ■■■■ ■■■ ■■■■■ ■■ ■■■■ ■■■ ■■■■■■ ■■■ ■■ ■■■■ ■■■ ■■■■ ■■ ■■■■■ ■■■ ■■■■ ■■■■■■ ■■ ■■■ ■■■■ ■■■ ■■■■■ ■■ ■■■■ ■■■ ■■■■■■ ■■■ ■■ ■■■■ ■■■ ■■■■ ■■ ■■■■■ ■■■ ■■■■ ■■■■■■ ■■ ■■■ ■■■■ ■■■ ■■■■■ ■■ ■■■■ ■■■ ■■■■■■ ■■■ ■■ ■■■■ ■■■ ■■■■ ■■ ■■■■■ ■■■ ■■■■ ■■■■■■ ■■ ■■■ ■■■■ ■■■ ■■■■■ ■■ ■■■■ ■■■ ■■■■■■ ■■■ ■■ ■■■■ ■■■ ■■■■ ■■ ■■■■■ ■■■ ■■■■ ■■■■■■ ■■ ■■■ ■■■■ ■■■ ■■■■■ ■■ ■■■■ ■■■ ■■■■■■ ■■■ ■■ ■■■■ ■■■ ■■■■ ■■ ■■■■■ ■■■ ■■■■ ■■■■■■ ■■ ■■■ ■■■■ ■■■ ■■■■■ ■■ ■■■■ ■■■ ■■■■■■ ■■■ ■■ ■■■■ ■■■ ■■■■ ■■ ■■■■■ ■■■ ■■■■ ■■■■■■ ■■ ■■■ ■■■■ ■■■ ■■■■■ ■■ ■■■■ ■■■ ■■■■■■ ■■■ ■■ ■■■■

PHARMACOKINETIC PROPERTIES

■■■ ■■■■ ■■ ■■■■■ ■■■ ■■■■ ■■■■■■ ■■ ■■■ ■■■■ ■■■ ■■■■■ ■■ ■■■■ ■■■ ■■■■■■ ■■■ ■■ ■■■■ ■■■ ■■■■ ■■ ■■■■■ ■■■ ■■■■ ■■■■■■ ■■ ■■■ ■■■■ ■■■ ■■■■■ ■■ ■■■■ ■■■ ■■■■■■ ■■■ ■■ ■■■■ ■■■ ■■■■ ■■ ■■■■■ ■■■ ■■■■ ■■■■■■ ■■ ■■■ ■■■■ ■■■ ■■■■■ ■■ ■■■■ ■■■ ■■■■■■ ■■■ ■■ ■■■■ ■■■ ■■■■ ■■ ■■■■■ ■■■ ■■■■ ■■■■■■ ■■ ■■■ ■■■■ ■■■ ■■■■■ ■■ ■■■■ ■■■ ■■■■■■ ■■■ ■■ ■■■■ ■■■ ■■■■ ■■ ■■■■■ ■■■ ■■■■ ■■■■■■ ■■ ■■■ ■■■■ ■■■ ■■■■■ ■■ ■■■■ ■■■ ■■■■■■ ■■■ ■■ ■■■■ ■■■ ■■■■ ■■ ■■■■■ ■■■ ■■■■ ■■■■■■ ■■ ■■■ ■■■■ ■■■ ■■■■■ ■■ ■■■■ ■■■ ■■■■■■ ■■■ ■■ ■■■■ ■■■ ■■■■ ■■ ■■■■■ ■■■ ■■■■ ■■■■■■ ■■ ■■■ ■■■■ ■■■ ■■■■■ ■■ ■■■■ ■■■ ■■■■■■ ■■■ ■■ ■■■■ ■■■ ■■■■ ■■ ■■■■■ ■■■ ■■■■ ■■■■■■ ■■ ■■■ ■■■■ ■■■ ■■■■■ ■■ ■■■■ ■■■ ■■■■■■ ■■■ ■■ ■■■■ ■■■ ■■■■ ■■ ■■■■■ ■■■ ■■■■ ■■■■■■ ■■ ■■■ ■■■■ ■■■ ■■■■■ ■■ ■■■■ ■■■ ■■■■■■ ■■■ ■■ ■■■■ ■■■ ■■■■ ■■ ■■■■■ ■■■ ■■■■ ■■■■■■ ■■ ■■■ ■■■■ ■■■ ■■■■■ ■■ ■■■■ ■■■ ■■■■■■ ■■■ ■■ ■■■■ ■■■ ■■■■ ■■ ■■■■■ ■■■ ■■■■ ■■■■■■ ■■ ■■■ ■■■■ ■■■ ■■■■■ ■■ ■■■■ ■■■ ■■■■■■ ■■■ ■■ ■■■■ ■■■ ■■■■ ■■ ■■■■■ ■■■ ■■■■ ■■■■■■ ■■ ■■■ ■■■■ ■■■ ■■■■■ ■■ ■■■■ ■■■ ■■■■■■ ■■■ ■■ ■■■■

Class	Event	Frequency
■■■ ■■ ■■■■	■■■ ■■ ■■■■	■■■ ■■ ■■■■
■■■ ■■ ■■■■	■■■ ■■ ■■■■	■■■ ■■ ■■■■
■■■ ■■ ■■■■	■■■ ■■ ■■■■	■■■ ■■ ■■■■
■■■ ■■ ■■■■	■■■ ■■ ■■■■	■■■ ■■ ■■■■
■■■ ■■ ■■■■	■■■ ■■ ■■■■	■■■ ■■ ■■■■
■■■ ■■ ■■■■	■■■ ■■ ■■■■	■■■ ■■ ■■■■
■■■ ■■ ■■■■	■■■ ■■ ■■■■	■■■ ■■ ■■■■
■■■ ■■ ■■■■	■■■ ■■ ■■■■	■■■ ■■ ■■■■
■■■ ■■ ■■■■	■■■ ■■ ■■■■	■■■ ■■ ■■■■
■■■ ■■ ■■■■	■■■ ■■ ■■■■	■■■ ■■ ■■■■
■■■ ■■ ■■■■	■■■ ■■ ■■■■	■■■ ■■ ■■■■
■■■ ■■ ■■■■	■■■ ■■ ■■■■	■■■ ■■ ■■■■
■■■ ■■ ■■■■	■■■ ■■ ■■■■	■■■ ■■ ■■■■
■■■ ■■ ■■■■	■■■ ■■ ■■■■	■■■ ■■ ■■■■
■■■ ■■ ■■■■	■■■ ■■ ■■■■	■■■ ■■ ■■■■
■■■ ■■ ■■■■	■■■ ■■ ■■■■	■■■ ■■ ■■■■
■■■ ■■ ■■■■	■■■ ■■ ■■■■	■■■ ■■ ■■■■
■■■ ■■ ■■■■	■■■ ■■ ■■■■	■■■ ■■ ■■■■
STORAGE

■■■ ■■■■ ■■ ■■■■■ ■■■ ■■■■ ■■■■■■ ■■ ■■■ ■■■■ ■■■ ■■■■■ ■■ ■■■■ ■■■ ■■■■■■ ■■■ ■■ ■■■■ ■■■ ■■■■ ■■ ■■■■■ ■■■ ■■■■ ■■■■■■ ■■ ■■■ ■■■■ ■■■ ■■■■■ ■■ ■■■■ ■■■ ■■■■■■ ■■■ ■■ ■■■■ ■■■ ■■■■ ■■ ■■■■■ ■■■ ■■■■ ■■■■■■ ■■ ■■■ ■■■■ ■■■ ■■■■■ ■■ ■■■■ ■■■ ■■■■■■ ■■■ ■■ ■■■■ ■■■ ■■■■ ■■ ■■■■■ ■■■ ■■■■ ■■■■■■ ■■ ■■■ ■■■■ ■■■ ■■■■■ ■■ ■■■■ ■■■ ■■■■■■ ■■■ ■■ ■■■■ ■■■ ■■■■ ■■ ■■■■■ ■■■ ■■■■ ■■■■■■ ■■ ■■■ ■■■■ ■■■ ■■■■■ ■■ ■■■■ ■■■ ■■■■■■ ■■■ ■■ ■■■■ ■■■ ■■■■ ■■ ■■■■■ ■■■ ■■■■ ■■■■■■ ■■ ■■■ ■■■■ ■■■ ■■■■■ ■■ ■■■■ ■■■ ■■■■■■ ■■■ ■■ ■■■■ ■■■ ■■■■ ■■ ■■■■■ ■■■ ■■■■ ■■■■■■ ■■ ■■■ ■■■■ ■■■ ■■■■■ ■■ ■■■■ ■■■ ■■■■■■ ■■■ ■■ ■■■■ ■■■ ■■■■ ■■ ■■■■■ ■■■ ■■■■ ■■■■■■ ■■ ■■■ ■■■■ ■■■ ■■■■■ ■■ ■■■■ ■■■ ■■■■■■ ■■■ ■■ ■■■■ ■■■ ■■■■ ■■ ■■■■■ ■■■ ■■■■ ■■■■■■ ■■ ■■■ ■■■■ ■■■ ■■■■■ ■■ ■■■■ ■■■ ■■■■■■ ■■■ ■■ ■■■■ ■■■ ■■■■ ■■ ■■■■■ ■■■ ■■■■ ■■■■■■ ■■ ■■■ ■■■■ ■■■ ■■■■■ ■■ ■■■■ ■■■ ■■■■■■ ■■■ ■■ ■■■■ ■■■ ■■■■ ■■ ■■■■■ ■■■ ■■■■ ■■■■■■ ■■ ■■■ ■■■■ ■■■ ■■■■■ ■■ ■■■■ ■■■ ■■■■■■ ■■■ ■■ ■■■■ ■■■ ■■■■ ■■ ■■■■■ ■■■ ■■■■ ■■■■■■ ■■ ■■■ ■■■■ ■■■ ■■■■■ ■■ ■■■■ ■■■ ■■■■■■ ■■■ ■■ ■■■■ ■■■ ■■■■ ■■ ■■■■■ ■■■ ■■■■ ■■■■■■ ■■ ■■■ ■■■■ ■■■ ■■■■■ ■■ ■■■■ ■■■ ■■■■■■ ■■■ ■■ ■■■■ ■■■ ■■■■ ■■ ■■■■■ ■■■ ■■■■ ■■■■■■ ■■ ■■■ ■■■■ ■■■ ■■■■■ ■■ ■■■■ ■■■ ■■■■■■ ■■■ ■■ ■■■■ ■■■ ■■■■ ■■ ■■■■■ ■■■ ■■■■ ■■■■■■ ■■ ■■■ ■■■■ ■■■ ■■■■■ ■■ ■■■■ ■■■ ■■■■■■ ■■■ ■■ ■■■■ ■■■ ■■■■ ■■ ■■■■■ ■■■ ■■■■ ■■■■■■ ■■ ■■■ ■■■■ ■■■ ■■■■■ ■■ ■■■■ ■■■ ■■■■■■ ■■■ ■■ ■■■■

■■■ ■■■■ ■■ ■■■■■ ■■■ ■■■■ ■■■■■■ ■■ ■■■ ■■■■ ■■■ ■■■■■ ■■ ■■■■ ■■■ ■■■■■■ ■■■ ■■ ■■■■ ■■■ ■■■■ ■■ ■■■■■ ■■■ ■■■■ ■■■■■■ ■■ ■■■ ■■■■ ■■■ ■■■■■ ■■ ■■■■ ■■■ ■■■■■■ ■■■ ■■ ■■■■ ■■■ ■■■■ ■■ ■■■■■ ■■■ ■■■■ ■■■■■■ ■■ ■■■ ■■■■ ■■■ ■■■■■ ■■ ■■■■ ■■■ ■■■■■■ ■■■ ■■ ■■■■ ■■■ ■■■■ ■■ ■■■■■ ■■■ ■■■■ ■■■■■■ ■■ ■■■ ■■■■ ■■■ ■■■■■ ■■ ■■■■ ■■■ ■■■■■■ ■■■ ■■ ■■■■ ■■■ ■■■■ ■■ ■■■■■ ■■■ ■■■■ ■■■■■■ ■■ ■■■ ■■■■ ■■■ ■■■■■ ■■ ■■■■ ■■■ ■■■■■■ ■■■ ■■ ■■■■ ■■■ ■■■■ ■■ ■■■■■ ■■■ ■■■■ ■■■■■■ ■■ ■■■ ■■■■ ■■■ ■■■■■ ■■ ■■■■ ■■■ ■■■■■■ ■■■ ■■ ■■■■ ■■■ ■■■■ ■■ ■■■■■ ■■■ ■■■■ ■■■■■■ ■■ ■■■ ■■■■ ■■■ ■■■■■ ■■ ■■■■ ■■■ ■■■■■■ ■■■ ■■ ■■■■ ■■■ ■■■■ ■■ ■■■■■ ■■■ ■■■■ ■■■■■■ ■■ ■■■ ■■■■ ■■■ ■■■■■ ■■ ■■■■ ■■■ ■■■■■■ ■■■ ■■ ■■■■ ■■■ ■■■■ ■■ ■■■■■ ■■■ ■■■■ ■■■■■■ ■■ ■■■ ■■■■ ■■■ ■■■■■ ■■ ■■■■ ■■■ ■■■■■■ ■■■ ■■ ■■■■ ■■■ ■■■■ ■■ ■■■■■ ■■■ ■■■■ ■■■■■■ ■■ ■■■ ■■■■ ■■■ ■■■■■ ■■ ■■■■ ■■■ ■■■■■■ ■■■ ■■ ■■■■ ■■■ ■■■■ ■■ ■■■■■ ■■■ ■■■■ ■■■■■■ ■■ ■■■ ■■■■ ■■■ ■■■■■ ■■ ■■■■ ■■■ ■■■■■■ ■■■ ■■ ■■■■ ■■■ ■■■■ ■■ ■■■■■ ■■■ ■■■■ ■■■■■■ ■■ ■■■ ■■■■ ■■■ ■■■■■ ■■ ■■■■ ■■■ ■■■■■■ ■■■ ■■ ■■■■ ■■■ ■■■■ ■■ ■■■■■ ■■■ ■■■■ ■■■■■■ ■■ ■■■ ■■■■ ■■■ ■■■■■ ■■ ■■■■ ■■■ ■■■■■■ ■■■ ■■ ■■■■ ■■■ ■■■■ ■■ ■■■■■ ■■■ ■■■■ ■■■■■■ ■■ ■■■ ■■■■ ■■■ ■■■■■ ■■ ■■■■ ■■■ ■■■■■■ ■■■ ■■ ■■■■ ■■■ ■■■■ ■■ ■■■■■ ■■■ ■■■■ ■■■■■■ ■■ ■■■ ■■■■ ■■■ ■■■■■ ■■ ■■■■ ■■■ ■■■■■■ ■■■ ■■ ■■■■ ■■■ ■■■■ ■■ ■■■■■ ■■■ ■■■■ ■■■■■■ ■■ ■■■ ■■■■ ■■■ ■■■■■ ■■ ■■■■ ■■■ ■■■■■■ ■■■ ■■ ■■■■ ■■■ ■■■■ ■■ ■■■■■ ■■■ ■■■■ ■■■■■■ ■■ ■■■ ■■■■ ■■■ ■■■■■ ■■ ■■■■ ■■■ ■■■■■■ ■■■ ■■ ■■■■ ■■■ ■■■■ ■■ ■■■■■ ■■■ ■■■■ ■■■■■■ ■■ ■■■ ■■■■ ■■■ ■■■■■ ■■ ■■■■ ■■■ ■■■■■■ ■■■ ■■ ■■■■ ■■■ ■■■■ ■■ ■■■■■ ■■■ ■■■■ ■■■■■■ ■■ ■■■ ■■■■ ■■■ ■■■■■ ■■ ■■■■ ■■■ ■■■■■■ ■■■ ■■ ■■■■ ■■■ ■■■■ ■■ ■■■■■ ■■■ ■■■■ ■■■■■■ ■■ ■■■ ■■■■ ■■■ ■■■■■ ■■ ■■■■ ■■■ ■■■■■■ ■■■ ■■ ■■■■ ■■■ ■■■■ ■■ ■■■■■ ■■■ ■■■■ ■■■■■■ ■■ ■■■ ■■■■ ■■■ ■■■■■ ■■ ■■■■ ■■■ ■■■■■■ ■■■ ■■ ■■■■ ■■■ ■■■■ ■■ ■■■■■ ■■■ ■■■■ ■■■■■■ ■■ ■■■ ■■■■ ■■■ ■■■■■ ■■ ■■■■ ■■■ ■■■■■■ ■■■ ■■ ■■■■ ■■■ ■■■■ ■■ ■■■■■ ■■■ ■■■■ ■■■■■■ ■■ ■■■ ■■■■ ■■■ ■■■■■ ■■ ■■■■ ■■■ ■■■■■■ ■■■ ■■ ■■■■ ■■■ ■■■■ ■■ ■■■■■ ■■■ ■■■■ ■■■■■■ ■■ ■■■ ■■■■ ■■■ ■■■■■ ■■ ■■■■ ■■■ ■■■■■■ ■■■ ■■ ■■■■ ■■■ ■■■■ ■■ ■■■■■ ■■■ ■■■■ ■■■■■■ ■■ ■■■ ■■■■ ■■■ ■■■■■ ■■ ■■■■ ■■■ ■■■■■■ ■■■ ■■ ■■■■ ■■■ ■■■■ ■■ ■■■■■ ■■■ ■■■■ ■■■■■■ ■■ ■■■ ■■■■ ■■■ ■■■■■ ■■ ■■■■ ■■■ ■■■■■■ ■■■ ■■ ■■■■ ■■■ ■■■■ ■■ ■■■■■ ■■■ ■■■■ ■■■■■■ ■■ ■■■ ■■■■ ■■■ ■■■■■ ■■ ■■■■ ■■■ ■■■■■■ ■■■ ■■ ■■■■ ■■■ ■■■■ ■■ ■■■■■ ■■■ ■■■■ ■■■■■■ ■■ ■■■ ■■■■ ■■■ ■■■■■ ■■ ■■■■ ■■■ ■■■■■■ ■■■ ■■ ■■■■ ■■■ ■■■■ ■■ ■■■■■ ■■■ ■■■■ ■■■■■■ ■■ ■■■ ■■■■ ■■■ ■■■■■ ■■ ■■■■ ■■■ ■■■■■■ ■■■ ■■ ■■■■ ■■■ ■■■■ ■■ ■■■■■ ■■■ ■■■■ ■■■■■■ ■■ ■■■ ■■■■ ■■■ ■■■■■ ■■ ■■■■ ■■■ ■■■■■■ ■■■ ■■ ■■■■

CLINICAL STUDIES

■■■ ■■■■ ■■ ■■■■■ ■■■ ■■■■ ■■■■■■ ■■ ■■■ ■■■■ ■■■ ■■■■■ ■■ ■■■■ ■■■ ■■■■■■ ■■■ ■■ ■■■■ ■■■ ■■■■ ■■ ■■■■■ ■■■ ■■■■ ■■■■■■ ■■ ■■■ ■■■■ ■■■ ■■■■■ ■■ ■■■■ ■■■ ■■■■■■ ■■■ ■■ ■■■■ ■■■ ■■■■ ■■ ■■■■■ ■■■ ■■■■ ■■■■■■ ■■ ■■■ ■■■■ ■■■ ■■■■■ ■■ ■■■■ ■■■ ■■■■■■ ■■■ ■■ ■■■■ ■■■ ■■■■ ■■ ■■■■■ ■■■ ■■■■ ■■■■■■ ■■ ■■■ ■■■■ ■■■ ■■■■■ ■■ ■■■■ ■■■ ■■■■■■ ■■■ ■■ ■■■■ ■■■ ■■■■ ■■ ■■■■■ ■■■ ■■■■ ■■■■■■ ■■ ■■■ ■■■■ ■■■ ■■■■■ ■■ ■■■■ ■■■ ■■■■■■ ■■■ ■■ ■■■■ ■■■ ■■■■ ■■ ■■■■■ ■■■ ■■■■ ■■■■■■ ■■ ■■■ ■■■■ ■■■ ■■■■■ ■■ ■■■■ ■■■ ■■■■■■ ■■■ ■■ ■■■■ ■■■ ■■■■ ■■ ■■■■■ ■■■ ■■■■ ■■■■■■ ■■ ■■■ ■■■■ ■■■ ■■■■■ ■■ ■■■■ ■■■ ■■■■■■ ■■■ ■■ ■■■■ ■■■ ■■■■ ■■ ■■■■■ ■■■ ■■■■ ■■■■■■ ■■ ■■■ ■■■■ ■■■ ■■■■■ ■■ ■■■■ ■■■ ■■■■■■ ■■■ ■■ ■■■■

PRESENTATION

■■■ ■■■■ ■■ ■■■■■ ■■■ ■■■■ ■■■■■■ ■■ ■■■ ■■■■ ■■■ ■■■■■ ■■ ■■■■ ■■■ ■■■■■■ ■■■ ■■ ■■■■ ■■■ ■■■■ ■■ ■■■■■ ■■■ ■■■■ ■■■■■■ ■■ ■■■ ■■■■ ■■■ ■■■■■ ■■ ■■■■ ■■■ ■■■■■■ ■■■ ■■ ■■■■ ■■■ ■■■■ ■■ ■■■■■ ■■■ ■■■■ ■■■■■■ ■■ ■■■ ■■■■ ■■■ ■■■■■ ■■ ■■■■ ■■■ ■■■■■■ ■■■ ■■ ■■■■ ■■■ ■■■■ ■■ ■■■■■ ■■■ ■■■■ ■■■■■■ ■■ ■■■ ■■■■ ■■■ ■■■■■ ■■ ■■■■ ■■■ ■■■■■■ ■■■ ■■ ■■■■ ■■■ ■■■■ ■■ ■■■■■ ■■■ ■■■■ ■■■■■■ ■■ ■■■ ■■■■ ■■■ ■■■■■ ■■ ■■■■ ■■■ ■■■■■■ ■■■ ■■ ■■■■ ■■■ ■■■■ ■■ ■■■■■ ■■■ ■■■■ ■■■■■■ ■■ ■■■ ■■■■ ■■■ ■■■■■ ■■ ■■■■ ■■■ ■■■■■■ ■■■ ■■ ■■■■ ■■■ ■■■■ ■■ ■■■■■ ■■■ ■■■■ ■■■■■■ ■■ ■■■ ■■■■ ■■■ ■■■■■ ■■ ■■■■ ■■■ ■■■■■■ ■■■ ■■ ■■■■ ■■■ ■■■■ ■■ ■■■■■ ■■■ ■■■■ ■■■■■■ ■■ ■■■ ■■■■ ■■■ ■■■■■ ■■ ■■■■ ■■■ ■■■■■■ ■■■ ■■ ■■■■ ■■■ ■■■■ ■■ ■■■■■ ■■■ ■■■■ ■■■■■■ ■■ ■■■ ■■■■ ■■■ ■■■■■ ■■ ■■■■ ■■■ ■■■■■■ ■■■ ■■ ■■■■ ■■■ ■■■■ ■■ ■■■■■ ■■■ ■■■■ ■■■■■■ ■■ ■■■ ■■■■ ■■■ ■■■■■ ■■ ■■■■ ■■■ ■■■■■■ ■■■ ■■ ■■■■ ■■■ ■■■■ ■■ ■■■■■ ■■■ ■■■■ ■■■■■■ ■■ ■■■ ■■■■ ■■■ ■■■■■ ■■ ■■■■ ■■■ ■■■■■■ ■■■ ■■ ■■■■ ■■■ ■■■■ ■■ ■■■■■ ■■■ ■■■■ ■■■■■■ ■■ ■■■ ■■■■ ■■■ ■■■■■ ■■ ■■■■ ■■■ ■■■■■■ ■■■ ■■ ■■■■

Class	Event	Frequency
■■■ ■■ ■■■■	■■■ ■■ ■■■■	■■■ ■■ ■■■■
■■■ ■■ ■■■■	■■■ ■■ ■■■■	■■■ ■■ ■■■■
■■■ ■■ ■■■■	■■■ ■■ ■■■■	■■■ ■■ ■■■■
■■■ ■■ ■■■■	■■■ ■■ ■■■■	■■■ ■■ ■■■■
■■■ ■■ ■■■■	■■■ ■■ ■■■■	■■■ ■■ ■■■■
■■■ ■■ ■■■■	■■■ ■■ ■■■■	■■■ ■■ ■■■■
■■■ ■■ ■■■■	■■■ ■■ ■■■■	■■■ ■■ ■■■■
■■■ ■■ ■■■■	■■■ ■■ ■■■■	■■■ ■■ ■■■■
■■■ ■■ ■■■■	■■■ ■■ ■■■■	■■■ ■■ ■■■■
■■■ ■■ ■■■■	■■■ ■■ ■■■■	■■■ ■■ ■■■■
■■■ ■■ ■■■■	■■■ ■■ ■■■■	■■■ ■■ ■■■■
■■■ ■■ ■■■■	■■■ ■■ ■■■■	■■■ ■■ ■■■■
■■■ ■■ ■■■■	■■■ ■■ ■■■■	■■■ ■■ ■■■■
■■■ ■■ ■■■■	■■■ ■■ ■■■■	■■■ ■■ ■■■■
■■■ ■■ ■■■■	■■■ ■■ ■■■■	■■■ ■■ ■■■■
■■■ ■■ ■■■■	■■■ ■■ ■■■■	■■■ ■■ ■■■■
■■■ ■■ ■■■■	■■■ ■■ ■■■■	■■■ ■■ ■■■■
■■■ ■■ ■■■■	■■■ ■■ ■■■■	■■■ ■■ ■■■■

■■■ ■■■■ ■■ ■■■■■ ■■■ ■■■■ ■■■■■■ ■■ ■■■ ■■■■ ■■■ ■■■■■ ■■ ■■■■ ■■■ ■■■■■■ ■■■ ■■ ■■■■ ■■■ ■■■■ ■■ ■■■■■ ■■■ ■■■■ ■■■■■■ ■■ ■■■ ■■■■ ■■■ ■■■■■ ■■ ■■■■ ■■■ ■■■■■■ ■■■ ■■ ■■■■ ■■■ ■■■■ ■■ ■■■■■ ■■■ ■■■■ ■■■■■■ ■■ ■■■ ■■■■ ■■■ ■■■■■ ■■ ■■■■ ■■■ ■■■■■■ ■■■ ■■ ■■■■ ■■■ ■■■■ ■■ ■■■■■ ■■■ ■■■■ ■■■■■■ ■■ ■■■ ■■■■ ■■■ ■■■■■ ■■ ■■■■ ■■■ ■■■■■■ ■■■ ■■ ■■■■ ■■■ ■■■■ ■■ ■■■■■ ■■■ ■■■■ ■■■■■■ ■■ ■■■ ■■■■ ■■■ ■■■■■ ■■ ■■■■ ■■■ ■■■■■■ ■■■ ■■ ■■■■ ■■■ ■■■■ ■■ ■■■■■ ■■■ ■■■■ ■■■■■■ ■■ ■■■ ■■■■ ■■■ ■■■■■ ■■ ■■■■ ■■■ ■■■■■■ ■■■ ■■ ■■■■ ■■■ ■■■■ ■■ ■■■■■ ■■■ ■■■■ ■■■■■■ ■■ ■■■ ■■■■ ■■■ ■■■■■ ■■ ■■■■ ■■■ ■■■■■■ ■■■ ■■ ■■■■ ■■■ ■■■■ ■■ ■■■■■ ■■■ ■■■■ ■■■■■■ ■■ ■■■ ■■■■ ■■■ ■■■■■ ■■ ■■■■ ■■■ ■■■■■■ ■■■ ■■ ■■■■ ■■■ ■■■■ ■■ ■■■■■ ■■■ ■■■■ ■■■■■■ ■■ ■■■ ■■■■ ■■■ ■■■■■ ■■ ■■■■ ■■■ ■■■■■■ ■■■ ■■ ■■■■ ■■■ ■■■■ ■■ ■■■■■ ■■■ ■■■■ ■■■■■■ ■■ ■■■ ■■■■ ■■■ ■■■■■ ■■ ■■■■ ■■■ ■■■■■■ ■■■ ■■ ■■■■ ■■■ ■■■■ ■■ ■■■■■ ■■■ ■■■■ ■■■■■■ ■■ ■■■ ■■■■ ■■■ ■■■■■ ■■ ■■■■ ■■■ ■■■■■■ ■■■ ■■ ■■■■ ■■■ ■■■■ ■■ ■■■■■ ■■■ ■■■■ ■■■■■■ ■■ ■■■ ■■■■ ■■■ ■■■■■ ■■ ■■■■ ■■■ ■■■■■■ ■■■ ■■ ■■■■ ■■■ ■■■■ ■■ ■■■■■ ■■■ ■■■■ ■■■■■■ ■■ ■■■ ■■■■ ■■■ ■■■■■ ■■ ■■■■ ■■■ ■■■■■■ ■■■ ■■ ■■■■ ■■■ ■■■■ ■■ ■■■■■ ■■■ ■■■■ ■■■■■■ ■■ ■■■ ■■■■ ■■■ ■■■■■ ■■ ■■■■ ■■■ ■■■■■■ ■■■ ■■ ■■■■ ■■■ ■■■■ ■■ ■■■■■ ■■■ ■■■■ ■■■■■■ ■■ ■■■ ■■■■ ■■■ ■■■■■ ■■ ■■■■ ■■■ ■■■■■■ ■■■ ■■ ■■■■ ■■■ ■■■■ ■■ ■■■■■ ■■■ ■■■■ ■■■■■■ ■■ ■■■ ■■■■ ■■■ ■■■■■ ■■ ■■■■ ■■■ ■■■■■■ ■■■ ■■ ■■■■ ■■■ ■■■■ ■■ ■■■■■ ■■■ ■■■■ ■■■■■■ ■■ ■■■ ■■■■ ■■■ ■■■■■ ■■ ■■■■ ■■■ ■■■■■■ ■■■ ■■ ■■■■ ■■■ ■■■■ ■■ ■■■■■ ■■■ ■■■■ ■■■■■■ ■■ ■■■ ■■■■ ■■■ ■■■■■ ■■ ■■■■ ■■■ ■■■■■■ ■■■ ■■ ■■■■ ■■■ ■■■■ ■■ ■■■■■ ■■■ ■■■■ ■■■■■■ ■■ ■■■ ■■■■ ■■■ ■■■■■ ■■ ■■■■ ■■■ ■■■■■■ ■■■ ■■ ■■■■ ■■■ ■■■■ ■■ ■■■■■ ■■■ ■■■■ ■■■■■■ ■■ ■■■ ■■■■ ■■■ ■■■■■ ■■ ■■■■ ■■■ ■■■■■■ ■■■ ■■ ■■■■ ■■■ ■■■■ ■■ ■■■■■ ■■■ ■■■■ ■■■■■■ ■■ ■■■ ■■■■ ■■■ ■■■■■ ■■ ■■■■ ■■■ ■■■■■■ ■■■ ■■ ■■■■ ■■■ ■■■■ ■■ ■■■■■ ■■■ ■■■■ ■■■■■■ ■■ ■■■ ■■■■ ■■■ ■■■■■ ■■ ■■■■ ■■■ ■■■■■■ ■■■ ■■ ■■■■ ■■■ ■■■■ ■■ ■■■■■ ■■■ ■■■■ ■■■■■■ ■■ ■■■ ■■■■ ■■■ ■■■■■ ■■ ■■■■ ■■■ ■■■■■■ ■■■ ■■ ■■■■ ■■■ ■■■■ ■■ ■■■■■ ■■■ ■■■■ ■■■■■■ ■■ ■■■ ■■■■ ■■■ ■■■■■ ■■ ■■■■ ■■■ ■■■■■■ ■■■ ■■ ■■■■ ■■■ ■■■■ ■■ ■■■■■ ■■■ ■■■■ ■■■■■■ ■■ ■■■ ■■■■ ■■■ ■■■■■ ■■ ■■■■ ■■■ ■■■■■■ ■■■ ■■ ■■■■ ■■■ ■■■■ ■■ ■■■■■ ■■■ ■■■■ ■■■■■■ ■■ ■■■ ■■■■ ■■■ ■■■■■ ■■ ■■■■ ■■■ ■■■■■■ ■■■ ■■ ■■■■ ■■■ ■■■■ ■■ ■■■■■ ■■■ ■■■■ ■■■■■■ ■■ ■■■ ■■■■ ■■■ ■■■■■ ■■ ■■■■ ■■■ ■■■■■■ ■■■ ■■ ■■■■ ■■■ ■■■■ ■■ ■■■■■ ■■■ ■■■■ ■■■■■■ ■■ ■■■ ■■■■ ■■■ ■■■■■ ■■ ■■■■ ■■■ ■■■■■■ ■■■ ■■ ■■■■ ■■■ ■■■■ ■■ ■■■■■ ■■■ ■■■■ ■■■■■■ ■■ ■■■ ■■■■ ■■■ ■■■■■ ■■ ■■■■ ■■■ ■■■■■■ ■■■ ■■ ■■■■ ■■■ ■■■■ ■■ ■■■■■ ■■■ ■■■■ ■■■■■■ ■■ ■■■ ■■■■ ■■■ ■■■■■ ■■ ■■■■ ■■■ ■■■■■■ ■■■ ■■ ■■■■

PACKAGING

■■■ ■■■■ ■■ ■■■■■ ■■■ ■■■■ ■■■■■■ ■■ ■■■ ■■■■ ■■■ ■■■■■ ■■ ■■■■ ■■■ ■■■■■■ ■■■ ■■ ■■■■ ■■■ ■■■■ ■■ ■■■■■ ■■■ ■■■■ ■■■■■■ ■■ ■■■ ■■■■ ■■■ ■■■■■ ■■ ■■■■ ■■■ ■■■■■■ ■■■ ■■ ■■■■ ■■■ ■■■■ ■■ ■■■■■ ■■■ ■■■■ ■■■■■■ ■■ ■■■ ■■■■ ■■■ ■■■■■ ■■ ■■■■ ■■■ ■■■■■■ ■■■ ■■ ■■■■ ■■■ ■■■■ ■■ ■■■■■ ■■■ ■■■■ ■■■■■■ ■■ ■■■ ■■■■ ■■■ ■■■■■ ■■ ■■■■ ■■■ ■■■■■■ ■■■ ■■ ■■■■ ■■■ ■■■■ ■■ ■■■■■ ■■■ ■■■■ ■■■■■■ ■■ ■■■ ■■■■ ■■■ ■■■■■ ■■ ■■■■ ■■■ ■■■■■■ ■■■ ■■ ■■■■ ■■■ ■■■■ ■■ ■■■■■ ■■■ ■■■■ ■■■■■■ ■■ ■■■ ■■■■ ■■■ ■■■■■ ■■ ■■■■ ■■■ ■■■■■■ ■■■ ■■ ■■■■ ■■■ ■■■■ ■■ ■■■■■ ■■■ ■■■■ ■■■■■■ ■■ ■■■ ■■■■ ■■■ ■■■■■ ■■ ■■■■ ■■■ ■■■■■■ ■■■ ■■ ■■■■ ■■■ ■■■■ ■■ ■■■■■ ■■■ ■■■■ ■■■■■■ ■■ ■■■ ■■■■ ■■■ ■■■■■ ■■ ■■■■ ■■■ ■■■■■■ ■■■ ■■ ■■■■

STORAGE CONDITIONS

■■■ ■■■■ ■■ ■■■■■ ■■■ ■■■■ ■■■■■■ ■■ ■■■ ■■■■ ■■■ ■■■■■ ■■ ■■■■ ■■■ ■■■■■■ ■■■ ■■ ■■■■ ■■■ ■■■■ ■■ ■■■■■ ■■■ ■■■■ ■■■■■■ ■■ ■■■ ■■■■ ■■■ ■■■■■ ■■ ■■■■ ■■■ ■■■■■■ ■■■ ■■ ■■■■ ■■■ ■■■■ ■■ ■■■■■ ■■■ ■■■■ ■■■■■■ ■■ ■■■ ■■■■ ■■■ ■■■■■ ■■ ■■■■ ■■■ ■■■■■■ ■■■ ■■ ■■■■ ■■■ ■■■■ ■■ ■■■■■ ■■■ ■■■■ ■■■■■■ ■■ ■■■ ■■■■ ■■■ ■■■■■ ■■ ■■■■ ■■■ ■■■■■■ ■■■ ■■ ■■■■ ■■■ ■■■■ ■■ ■■■■■ ■■■ ■■■■ ■■■■■■ ■■ ■■■ ■■■■ ■■■ ■■■■■ ■■ ■■■■ ■■■ ■■■■■■ ■■■ ■■ ■■■■ ■■■ ■■■■ ■■ ■■■■■ ■■■ ■■■■ ■■■■■■ ■■ ■■■ ■■■■ ■■■ ■■■■■ ■■ ■■■■ ■■■ ■■■■■■ ■■■ ■■ ■■■■ ■■■ ■■■■ ■■ ■■■■■ ■■■ ■■■■ ■■■■■■ ■■ ■■■ ■■■■ ■■■ ■■■■■ ■■ ■■■■ ■■■ ■■■■■■ ■■■ ■■ ■■■■ ■■■ ■■■■ ■■ ■■■■■ ■■■ ■■■■ ■■■■■■ ■■ ■■■ ■■■■ ■■■ ■■■■■ ■■ ■■■■ ■■■ ■■■■■■ ■■■ ■■ ■■■■ ■■■ ■■■■ ■■ ■■■■■ ■■■ ■■■■ ■■■■■■ ■■ ■■■ ■■■■ ■■■ ■■■■■ ■■ ■■■■ ■■■ ■■■■■■ ■■■ ■■ ■■■■ ■■■ ■■■■ ■■ ■■■■■ ■■■ ■■■■ ■■■■■■ ■■ ■■■ ■■■■ ■■■ ■■■■■ ■■ ■■■■ ■■■ ■■■■■■ ■■■ ■■ ■■■■ ■■■ ■■■■ ■■ ■■■■■ ■■■ ■■■■ ■■■■■■ ■■ ■■■ ■■■■ ■■■ ■■■■■ ■■ ■■■■ ■■■ ■■■■■■ ■■■ ■■ ■■■■ ■■■ ■■■■ ■■ ■■■■■ ■■■ ■■■■ ■■■■■■ ■■ ■■■ ■■■■ ■■■ ■■■■■ ■■ ■■■■ ■■■ ■■■■■■ ■■■ ■■ ■■■■

■■■ ■■■■ ■■ ■■■■■ ■■■ ■■■■ ■■■■■■ ■■ ■■■ ■■■■ ■■■ ■■■■■ ■■ ■■■■ ■■■ ■■■■■■ ■■■ ■■ ■■■■ ■■■ ■■■■ ■■ ■■■■■ ■■■ ■■■■ ■■■■■■ ■■ ■■■ ■■■■ ■■■ ■■■■■ ■■ ■■■■ ■■■ ■■■■■■ ■■■ ■■ ■■■■ ■■■ ■■■■ ■■ ■■■■■ ■■■ ■■■■ ■■■■■■ ■■ ■■■ ■■■■ ■■■ ■■■■■ ■■ ■■■■ ■■■ ■■■■■■ ■■■ ■■ ■■■■ ■■■ ■■■■ ■■ ■■■■■ ■■■ ■■■■ ■■■■■■ ■■ ■■■ ■■■■ ■■■ ■■■■■ ■■ ■■■■ ■■■ ■■■■■■ ■■■ ■■ ■■■■ ■■■ ■■■■ ■■ ■■■■■ ■■■ ■■■■ ■■■■■■ ■■ ■■■ ■■■■ ■■■ ■■■■■ ■■ ■■■■ ■■■ ■■■■■■ ■■■ ■■ ■■■■ ■■■ ■■■■ ■■ ■■■■■ ■■■ ■■■■ ■■■■■■ ■■ ■■■ ■■■■ ■■■ ■■■■■ ■■ ■■■■ ■■■ ■■■■■■ ■■■ ■■ ■■■■ ■■■ ■■■■ ■■ ■■■■■ ■■■ ■■■■ ■■■■■■ ■■ ■■■ ■■■■ ■■■ ■■■■■ ■■ ■■■■ ■■■ ■■■■■■ ■■■ ■■ ■■■■ ■■■ ■■■■ ■■ ■■■■■ ■■■ ■■■■ ■■■■■■ ■■ ■■■ ■■■■ ■■■ ■■■■■ ■■ ■■■■ ■■■ ■■■■■■ ■■■ ■■ ■■■■ ■■■ ■■■■ ■■ ■■■■■ ■■■ ■■■■ ■■■■■■ ■■ ■■■ ■■■■ ■■■ ■■■■■ ■■ ■■■■ ■■■ ■■■■■■ ■■■ ■■ ■■■■ ■■■ ■■■■ ■■ ■■■■■ ■■■ ■■■■ ■■■■■■ ■■ ■■■ ■■■■ ■■■ ■■■■■ ■■ ■■■■ ■■■ ■■■■■■ ■■■ ■■ ■■■■ ■■■ ■■■■ ■■ ■■■■■ ■■■ ■■■■ ■■■■■■ ■■ ■■■ ■■■■ ■■■ ■■■■■ ■■ ■■■■ ■■■ ■■■■■■ ■■■ ■■ ■■■■ ■■■ ■■■■ ■■ ■■■■■ ■■■ ■■■■ ■■■■■■ ■■ ■■■ ■■■■ ■■■ ■■■■■ ■■ ■■■■ ■■■ ■■■■■■ ■■■ ■■ ■■■■ ■■■ ■■■■ ■■ ■■■■■ ■■■ ■■■■ ■■■■■■ ■■ ■■■ ■■■■ ■■■ ■■■■■ ■■ ■■■■ ■■■ ■■■■■■ ■■■ ■■ ■■■■ ■■■ ■■■■ ■■ ■■■■■ ■■■ ■■■■ ■■■■■■ ■■ ■■■ ■■■■ ■■■ ■■■■■ ■■ ■■■■ ■■■ ■■■■■■ ■■■ ■■ ■■■■ ■■■ ■■■■ ■■ ■■■■■ ■■■ ■■■■ ■■■■■■ ■■ ■■■ ■■■■ ■■■ ■■■■■ ■■ ■■■■ ■■■ ■■■■■■ ■■■ ■■ ■■■■ ■■■ ■■■■ ■■ ■■■■■ ■■■ ■■■■ ■■■■■■ ■■ ■■■ ■■■■ ■■■ ■■■■■ ■■ ■■■■ ■■■ ■■■■■■ ■■■ ■■ ■■■■ ■■■ ■■■■ ■■ ■■■■■ ■■■ ■■■■ ■■■■■■ ■■ ■■■ ■■■■ ■■■ ■■■■■ ■■ ■■■■ ■■■ ■■■■■■ ■■■ ■■ ■■■■ ■■■ ■■■■ ■■ ■■■■■ ■■■ ■■■■ ■■■■■■ ■■ ■■■ ■■■■ ■■■ ■■■■■ ■■ ■■■■ ■■■ ■■■■■■ ■■■ ■■ ■■■■ ■■■ ■■■■ ■■ ■■■■■ ■■■ ■■■■ ■■■■■■ ■■ ■■■ ■■■■ ■■■ ■■■■■ ■■ ■■■■ ■■■ ■■■■■■ ■■■ ■■ ■■■■ ■■■ ■■■■ ■■ ■■■■■ ■■■ ■■■■ ■■■■■■ ■■ ■■■ ■■■■ ■■■ ■■■■■ ■■ ■■■■ ■■■ ■■■■■■ ■■■ ■■ ■■■■ ■■■ ■■■■ ■■ ■■■■■ ■■■ ■■■■ ■■■■■■ ■■ ■■■ ■■■■ ■■■ ■■■■■ ■■ ■■■■ ■■■ ■■■■■■ ■■■ ■■ ■■■■ ■■■ ■■■■ ■■ ■■■■■ ■■■ ■■■■ ■■■■■■ ■■ ■■■ ■■■■ ■■■ ■■■■■ ■■ ■■■■ ■■■ ■■■■■■ ■■■ ■■ ■■■■ ■■■ ■■■■ ■■ ■■■■■ ■■■ ■■■■ ■■■■■■ ■■ ■■■ ■■■■ ■■■ ■■■■■ ■■ ■■■■ ■■■ ■■■■■■ ■■■ ■■ ■■■■ ■■■ ■■■■ ■■ ■■■■■ ■■■ ■■■■ ■■■■■■ ■■ ■■■ ■■■■ ■■■ ■■■■■ ■■ ■■■■ ■■■ ■■■■■■ ■■■ ■■ ■■■■ ■■■ ■■■■ ■■ ■■■■■ ■■■ ■■■■ ■■■■■■ ■■ ■■■ ■■■■ ■■■ ■■■■■ ■■ ■■■■ ■■■ ■■■■■■ ■■■ ■■ ■■■■ ■■■ ■■■■ ■■ ■■■■■ ■■■ ■■■■ ■■■■■■ ■■ ■■■ ■■■■ ■■■ ■■■■■ ■■ ■■■■ ■■■ ■■■■■■ ■■■ ■■ ■■■■ ■■■ ■■■■ ■■ ■■■■■ ■■■ ■■■■ ■■■■■■ ■■ ■■■ ■■■■ ■■■ ■■■■■ ■■ ■■■■ ■■■ ■■■■■■ ■■■ ■■ ■■■■ ■■■ ■■■■ ■■ ■■■■■ ■■■ ■■■■ ■■■■■■ ■■ ■■■ ■■■■ ■■■ ■■■■■ ■■ ■■■■ ■■■ ■■■■■■ ■■■ ■■ ■■■■ ■■■ ■■■■ ■■ ■■■■■ ■■■ ■■■■ ■■■■■■ ■■ ■■■ ■■■■ ■■■ ■■■■■ ■■ ■■■■ ■■■ ■■■■■■ ■■■ ■■ ■■■■ ■■■ ■■■■ ■■ ■■■■■ ■■■ ■■■■ ■■■■■■ ■■ ■■■ ■■■■ ■■■ ■■■■■ ■■ ■■■■ ■■■ ■■■■■■ ■■■ ■■ ■■■■

CE LEXOTAN
Manufactured by
Prescribing Information — Digital Print	Page 1 of 1
